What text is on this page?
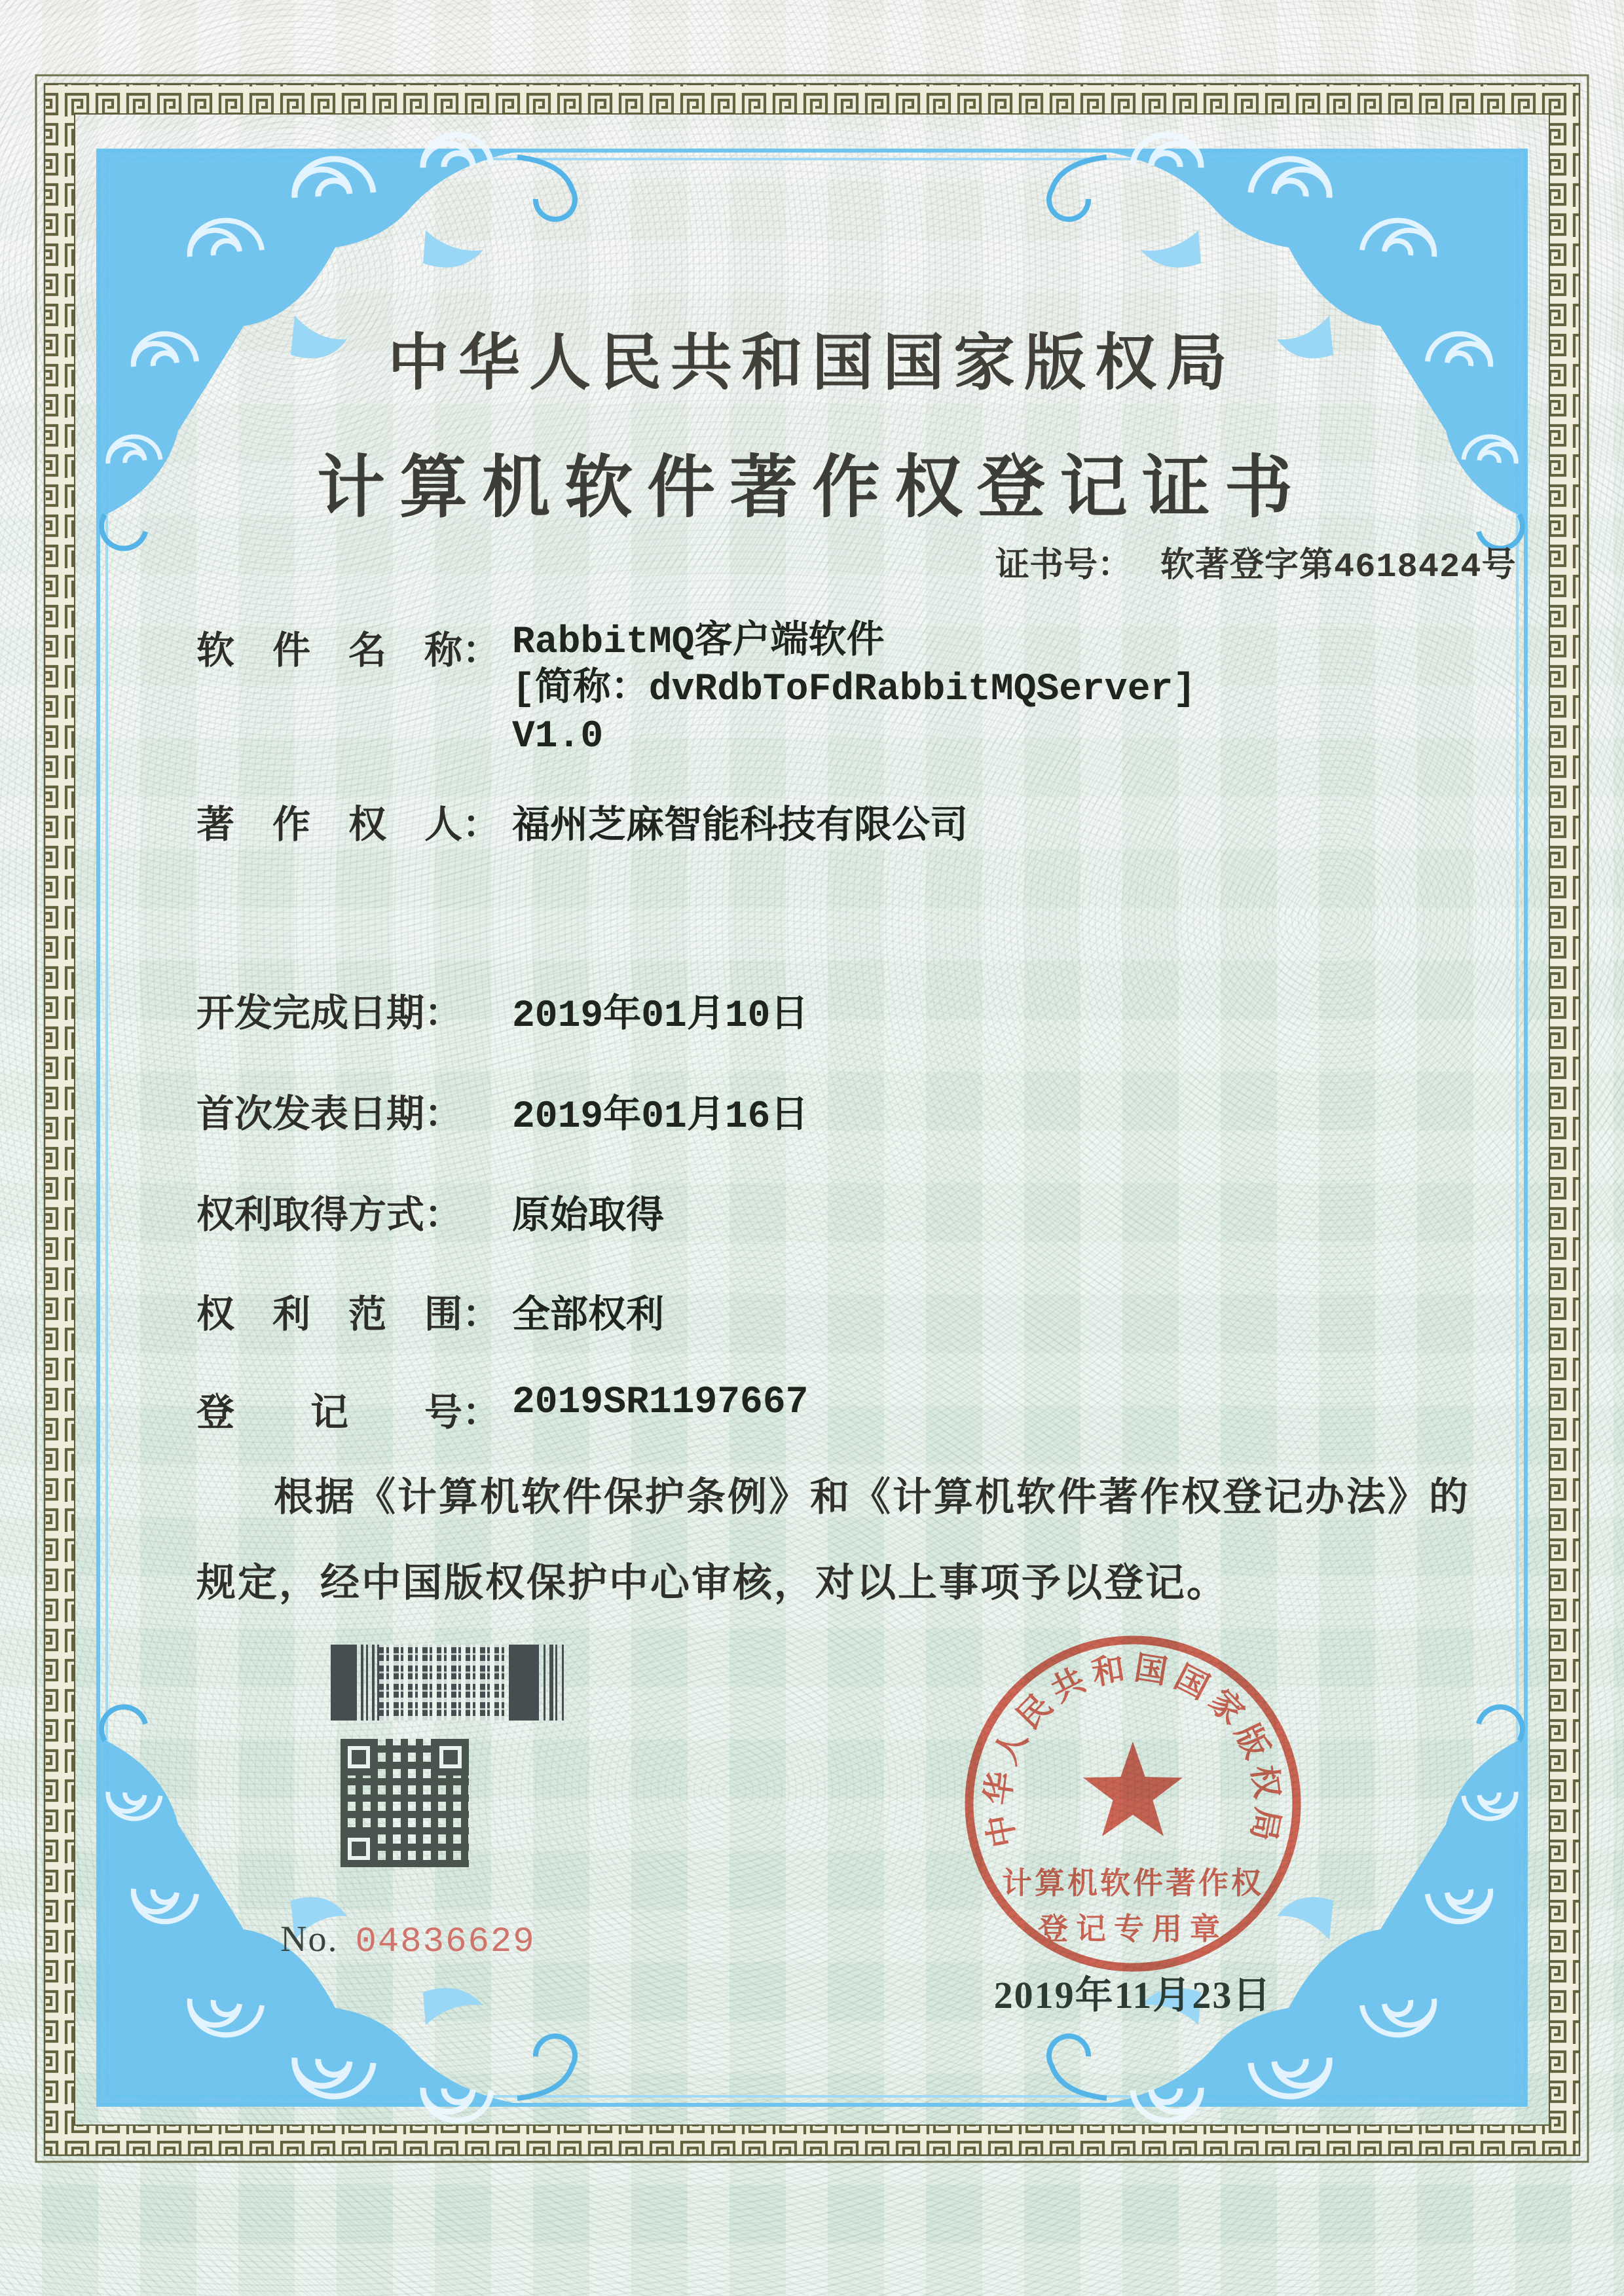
中华人民共和国国家版权局
计算机软件著作权登记证书
证书号： 软著登字第4618424号
软　件　名　称： RabbitMQ客户端软件
[简称：dvRdbToFdRabbitMQServer]
V1.0
著　作　权　人： 福州芝麻智能科技有限公司
开发完成日期：	2019年01月10日
首次发表日期：	2019年01月16日
权利取得方式：	原始取得
权　利　范　围： 全部权利
登　　记　　号： 2019SR1197667
根据《计算机软件保护条例》和《计算机软件著作权登记办法》的
规定，经中国版权保护中心审核，对以上事项予以登记。
No. 04836629
中华人民共和国国家版权局
计算机软件著作权
登记专用章
2019年11月23日
